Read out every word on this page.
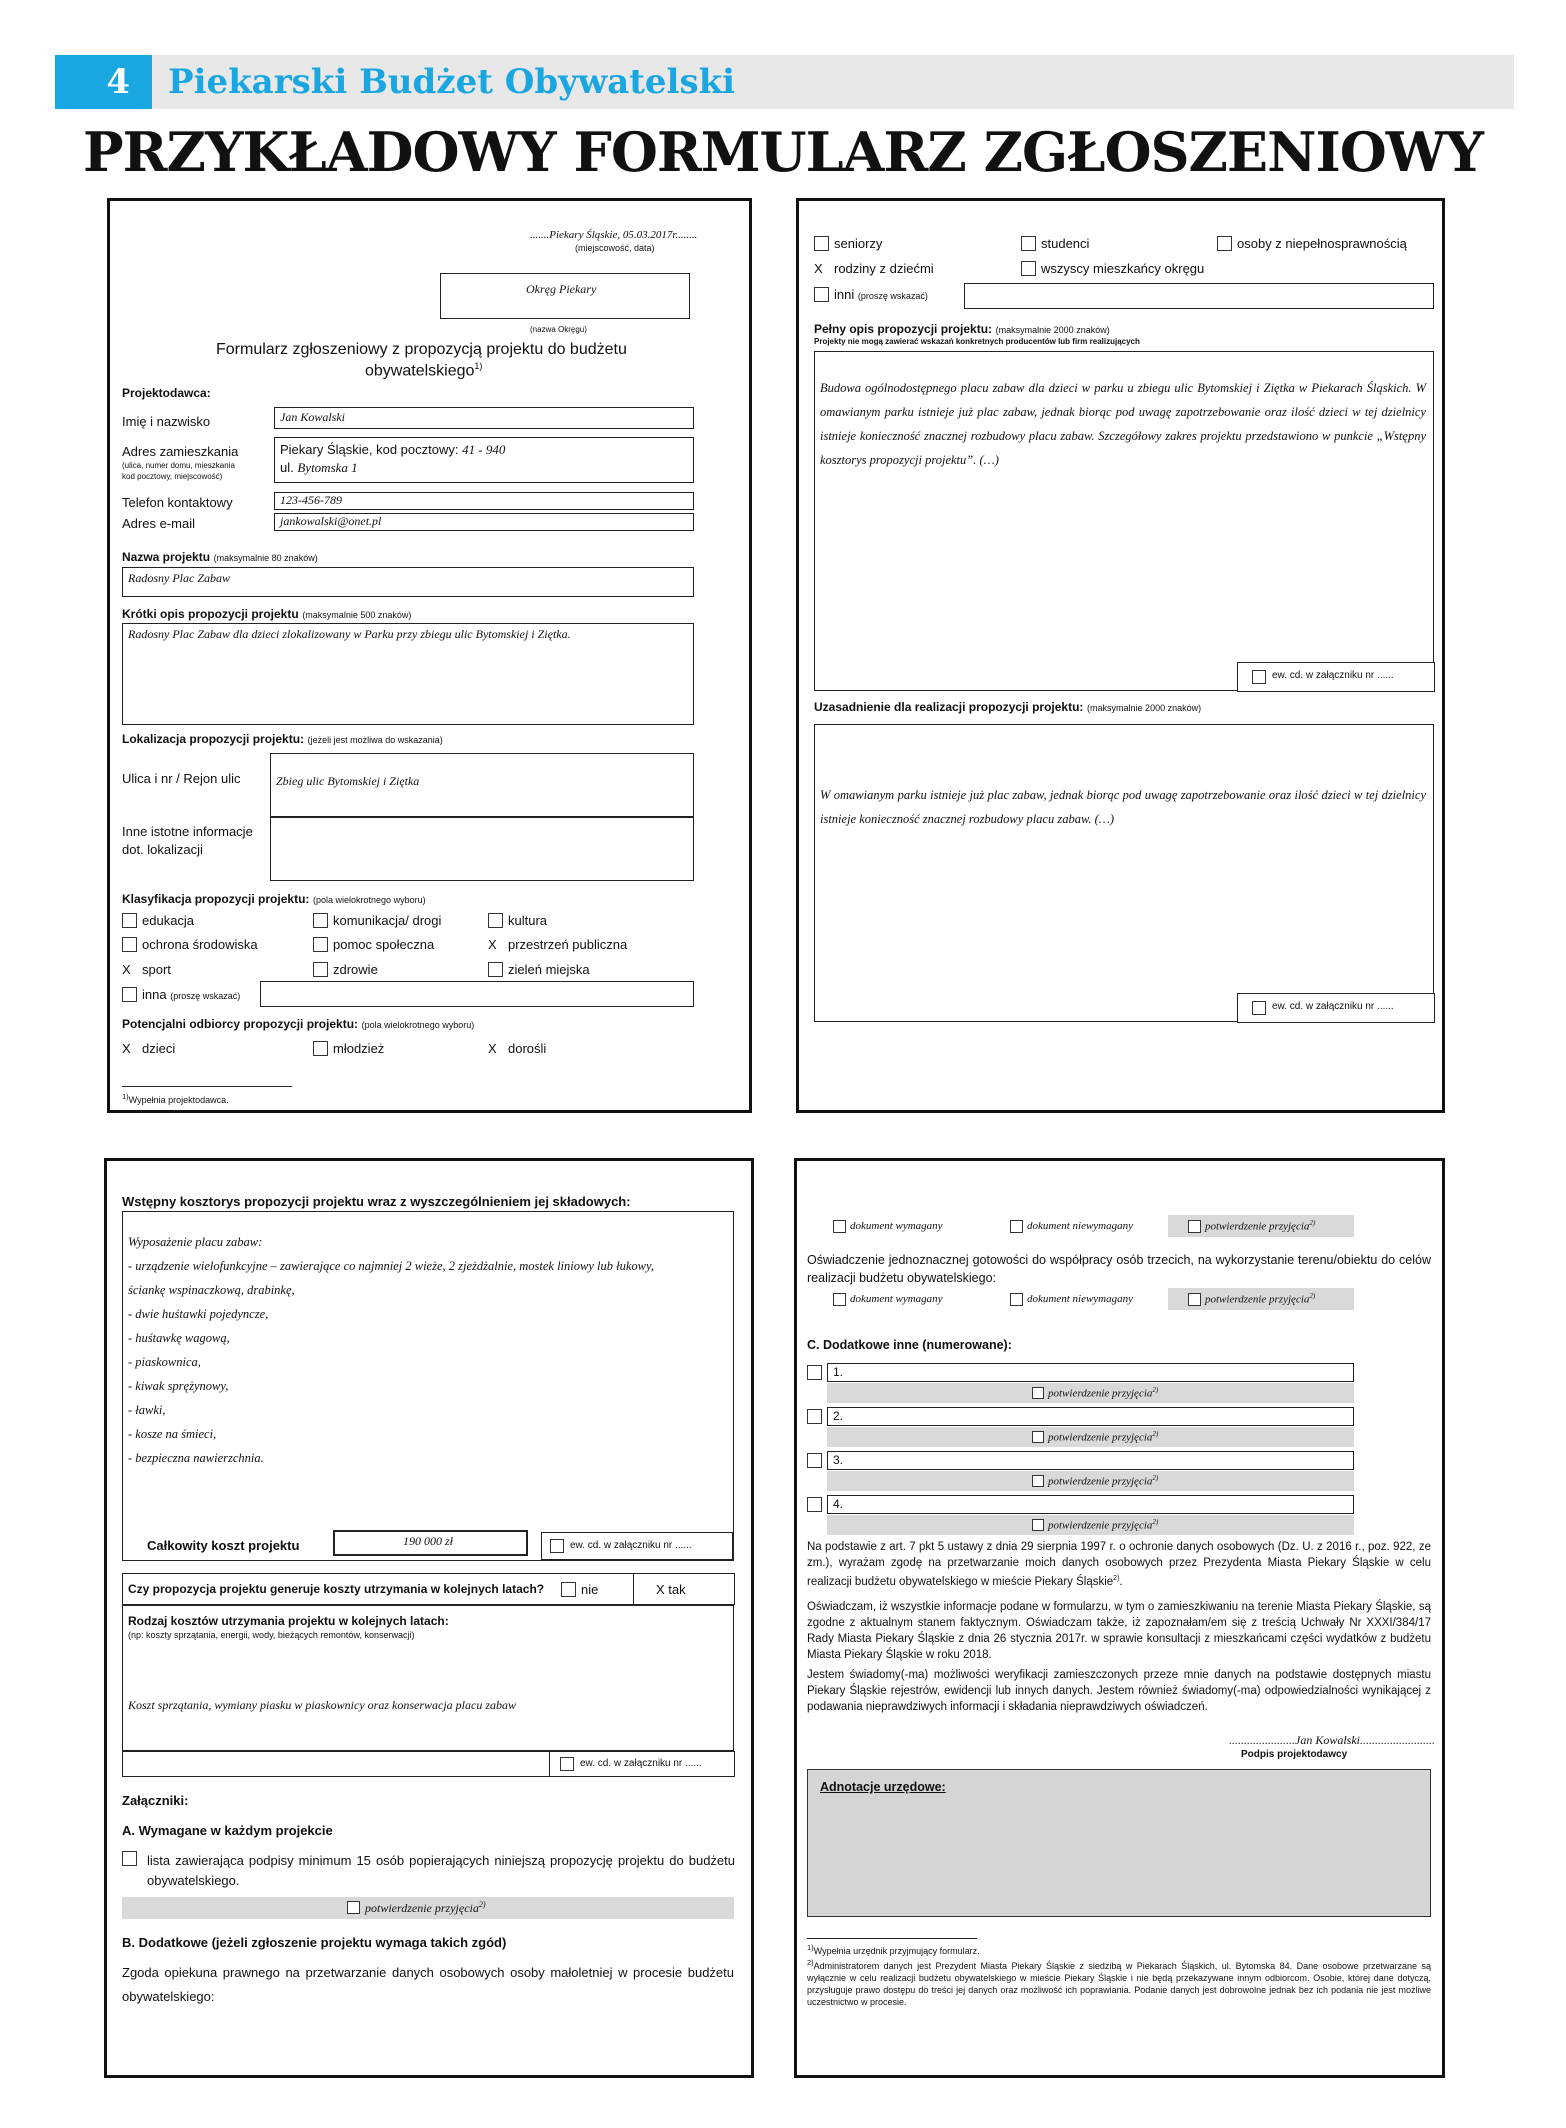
4	Piekarski Budżet Obywatelski
PRZYKŁADOWY FORMULARZ ZGŁOSZENIOWY
.......Piekary Śląskie, 05.03.2017r........
(miejscowość, data)
Okręg Piekary
(nazwa Okręgu)
Formularz zgłoszeniowy z propozycją projektu do budżetu
obywatelskiego$^{1)}$
Projektodawca:
Imię i nazwisko	Jan Kowalski
Adres zamieszkania
(ulica, numer domu, mieszkania
kod pocztowy, miejscowość)
Piekary Śląskie, kod pocztowy: 41 - 940
ul. Bytomska 1
Telefon kontaktowy	123-456-789
Adres e-mail	jankowalski@onet.pl
Nazwa projektu (maksymalnie 80 znaków)
Radosny Plac Zabaw
Krótki opis propozycji projektu (maksymalnie 500 znaków)
Radosny Plac Zabaw dla dzieci zlokalizowany w Parku przy zbiegu ulic Bytomskiej i Ziętka.
Lokalizacja propozycji projektu: (jeżeli jest możliwa do wskazania)
Ulica i nr / Rejon ulic	Zbieg ulic Bytomskiej i Ziętka
Inne istotne informacje
dot. lokalizacji
Klasyfikacja propozycji projektu: (pola wielokrotnego wyboru)
edukacja	komunikacja/ drogi	kultura
ochrona środowiska	pomoc społeczna	X przestrzeń publiczna
X sport	zdrowie	zieleń miejska
inna (proszę wskazać)
Potencjalni odbiorcy propozycji projektu: (pola wielokrotnego wyboru)
X dzieci	młodzież	X dorośli
$^{1)}$Wypełnia projektodawca.
seniorzy	studenci	osoby z niepełnosprawnością
X rodziny z dziećmi	wszyscy mieszkańcy okręgu
inni (proszę wskazać)
Pełny opis propozycji projektu: (maksymalnie 2000 znaków)
Projekty nie mogą zawierać wskazań konkretnych producentów lub firm realizujących
Budowa ogólnodostępnego placu zabaw dla dzieci w parku u zbiegu ulic Bytomskiej i Ziętka w Piekarach Śląskich. W omawianym parku istnieje już plac zabaw, jednak biorąc pod uwagę zapotrzebowanie oraz ilość dzieci w tej dzielnicy istnieje konieczność znacznej rozbudowy placu zabaw. Szczegółowy zakres projektu przedstawiono w punkcie „Wstępny kosztorys propozycji projektu”. (…)
ew. cd. w załączniku nr ......
Uzasadnienie dla realizacji propozycji projektu: (maksymalnie 2000 znaków)
W omawianym parku istnieje już plac zabaw, jednak biorąc pod uwagę zapotrzebowanie oraz ilość dzieci w tej dzielnicy istnieje konieczność znacznej rozbudowy placu zabaw. (…)
ew. cd. w załączniku nr ......
Wstępny kosztorys propozycji projektu wraz z wyszczególnieniem jej składowych:
Wyposażenie placu zabaw:
- urządzenie wielofunkcyjne – zawierające co najmniej 2 wieże, 2 zjeżdżalnie, mostek liniowy lub łukowy,
ściankę wspinaczkową, drabinkę,
- dwie huśtawki pojedyncze,
- huśtawkę wagową,
- piaskownica,
- kiwak sprężynowy,
- ławki,
- kosze na śmieci,
- bezpieczna nawierzchnia.
Całkowity koszt projektu	190 000 zł	ew. cd. w załączniku nr ......
Czy propozycja projektu generuje koszty utrzymania w kolejnych latach?	nie	X tak
Rodzaj kosztów utrzymania projektu w kolejnych latach:
(np: koszty sprzątania, energii, wody, bieżących remontów, konserwacji)
Koszt sprzątania, wymiany piasku w piaskownicy oraz konserwacja placu zabaw
ew. cd. w załączniku nr ......
Załączniki:
A. Wymagane w każdym projekcie
lista zawierająca podpisy minimum 15 osób popierających niniejszą propozycję projektu do budżetu obywatelskiego.
potwierdzenie przyjęcia$^{2)}$
B. Dodatkowe (jeżeli zgłoszenie projektu wymaga takich zgód)
Zgoda opiekuna prawnego na przetwarzanie danych osobowych osoby małoletniej w procesie budżetu obywatelskiego:
dokument wymagany	dokument niewymagany	potwierdzenie przyjęcia$^{2)}$
Oświadczenie jednoznacznej gotowości do współpracy osób trzecich, na wykorzystanie terenu/obiektu do celów realizacji budżetu obywatelskiego:
dokument wymagany	dokument niewymagany	potwierdzenie przyjęcia$^{2)}$
C. Dodatkowe inne (numerowane):
1.
potwierdzenie przyjęcia$^{2)}$
2.
potwierdzenie przyjęcia$^{2)}$
3.
potwierdzenie przyjęcia$^{2)}$
4.
potwierdzenie przyjęcia$^{2)}$
Na podstawie z art. 7 pkt 5 ustawy z dnia 29 sierpnia 1997 r. o ochronie danych osobowych (Dz. U. z 2016 r., poz. 922, ze zm.), wyrażam zgodę na przetwarzanie moich danych osobowych przez Prezydenta Miasta Piekary Śląskie w celu realizacji budżetu obywatelskiego w mieście Piekary Śląskie$^{2)}$.
Oświadczam, iż wszystkie informacje podane w formularzu, w tym o zamieszkiwaniu na terenie Miasta Piekary Śląskie, są zgodne z aktualnym stanem faktycznym. Oświadczam także, iż zapoznałam/em się z treścią Uchwały Nr XXXI/384/17 Rady Miasta Piekary Śląskie z dnia 26 stycznia 2017r. w sprawie konsultacji z mieszkańcami części wydatków z budżetu Miasta Piekary Śląskie w roku 2018.
Jestem świadomy(-ma) możliwości weryfikacji zamieszczonych przeze mnie danych na podstawie dostępnych miastu Piekary Śląskie rejestrów, ewidencji lub innych danych. Jestem również świadomy(-ma) odpowiedzialności wynikającej z podawania nieprawdziwych informacji i składania nieprawdziwych oświadczeń.
......................Jan Kowalski.........................
Podpis projektodawcy
Adnotacje urzędowe:
$^{1)}$Wypełnia urzędnik przyjmujący formularz.
$^{2)}$Administratorem danych jest Prezydent Miasta Piekary Śląskie z siedzibą w Piekarach Śląskich, ul. Bytomska 84. Dane osobowe przetwarzane są wyłącznie w celu realizacji budżetu obywatelskiego w mieście Piekary Śląskie i nie będą przekazywane innym odbiorcom. Osobie, której dane dotyczą, przysługuje prawo dostępu do treści jej danych oraz możliwość ich poprawiania. Podanie danych jest dobrowolne jednak bez ich podania nie jest możliwe uczestnictwo w procesie.
